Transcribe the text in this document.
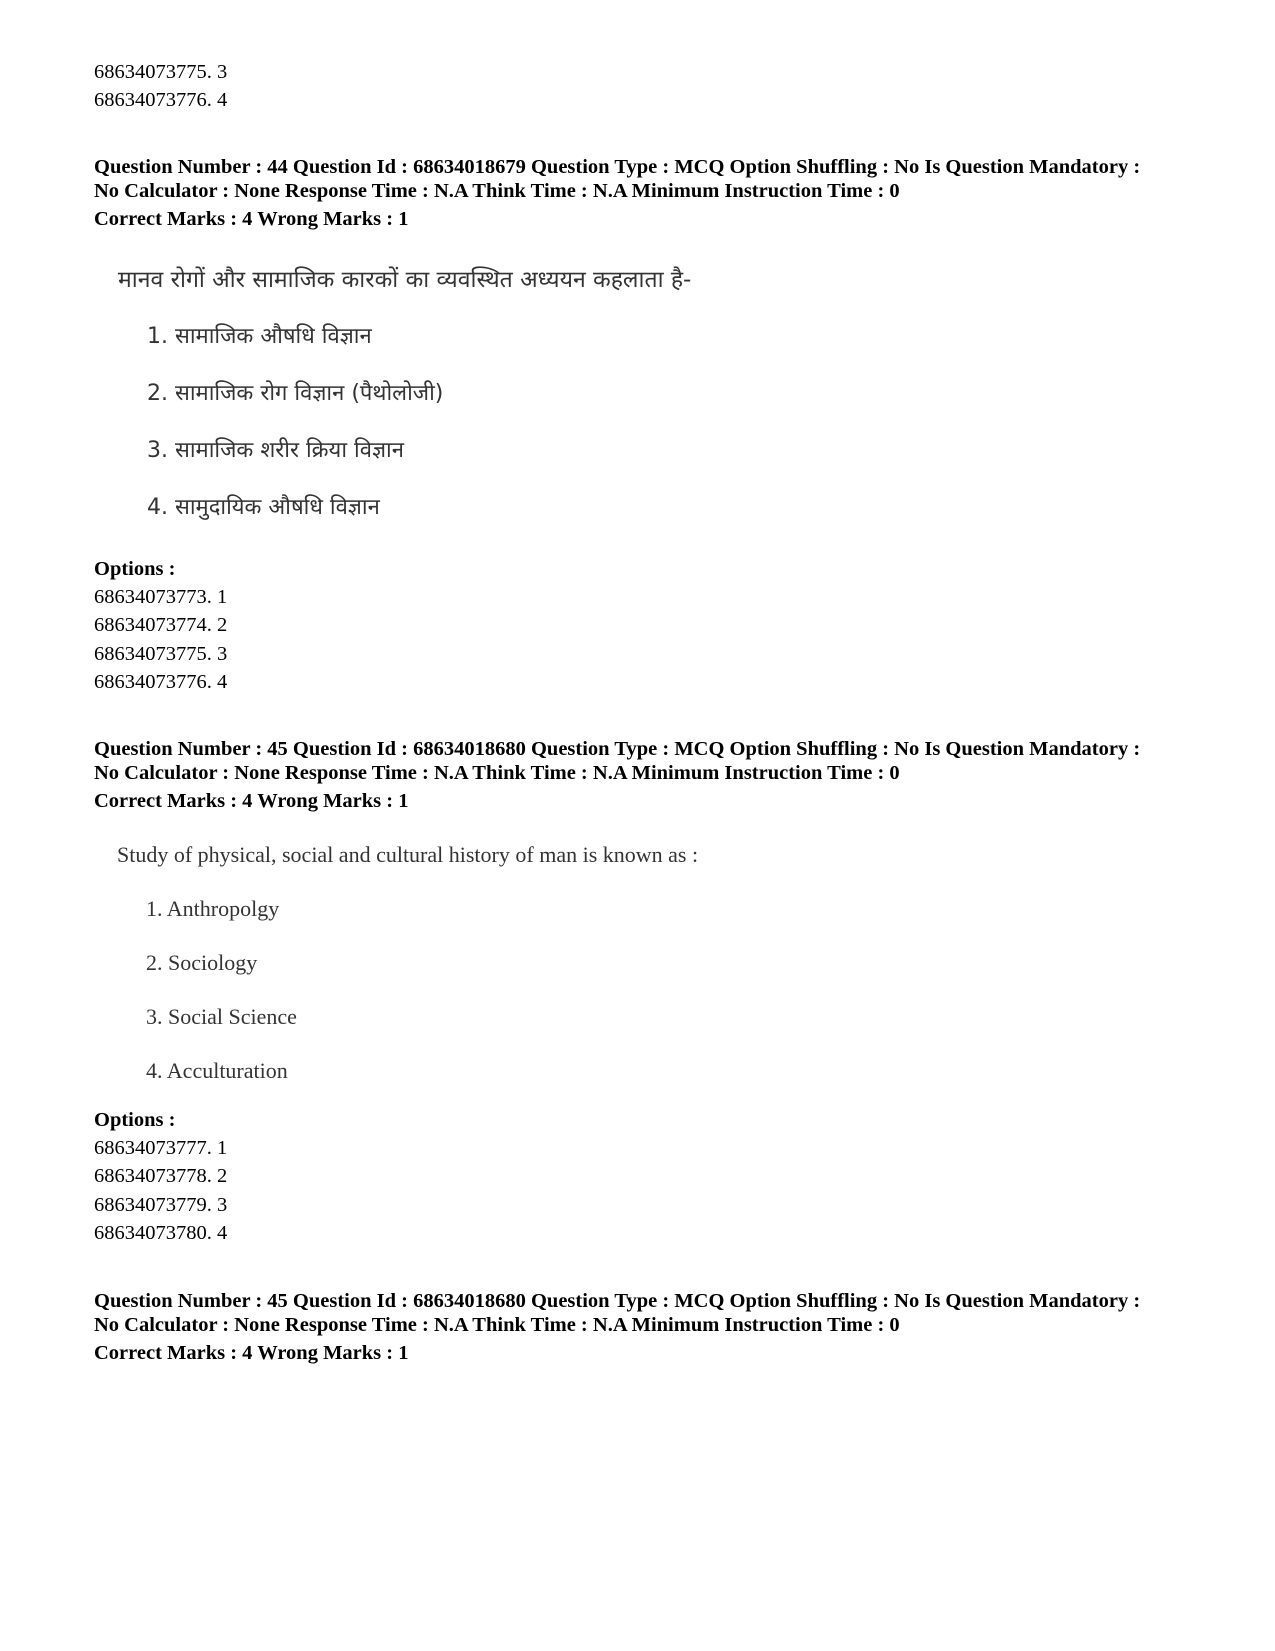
68634073775. 3
68634073776. 4
Question Number : 44 Question Id : 68634018679 Question Type : MCQ Option Shuffling : No Is Question Mandatory :
No Calculator : None Response Time : N.A Think Time : N.A Minimum Instruction Time : 0
Correct Marks : 4 Wrong Marks : 1
मानव रोगों और सामाजिक कारकों का व्यवस्थित अध्ययन कहलाता है-
1. सामाजिक औषधि विज्ञान
2. सामाजिक रोग विज्ञान (पैथोलोजी)
3. सामाजिक शरीर क्रिया विज्ञान
4. सामुदायिक औषधि विज्ञान
Options :
68634073773. 1
68634073774. 2
68634073775. 3
68634073776. 4
Question Number : 45 Question Id : 68634018680 Question Type : MCQ Option Shuffling : No Is Question Mandatory :
No Calculator : None Response Time : N.A Think Time : N.A Minimum Instruction Time : 0
Correct Marks : 4 Wrong Marks : 1
Study of physical, social and cultural history of man is known as :
1. Anthropolgy
2. Sociology
3. Social Science
4. Acculturation
Options :
68634073777. 1
68634073778. 2
68634073779. 3
68634073780. 4
Question Number : 45 Question Id : 68634018680 Question Type : MCQ Option Shuffling : No Is Question Mandatory :
No Calculator : None Response Time : N.A Think Time : N.A Minimum Instruction Time : 0
Correct Marks : 4 Wrong Marks : 1
